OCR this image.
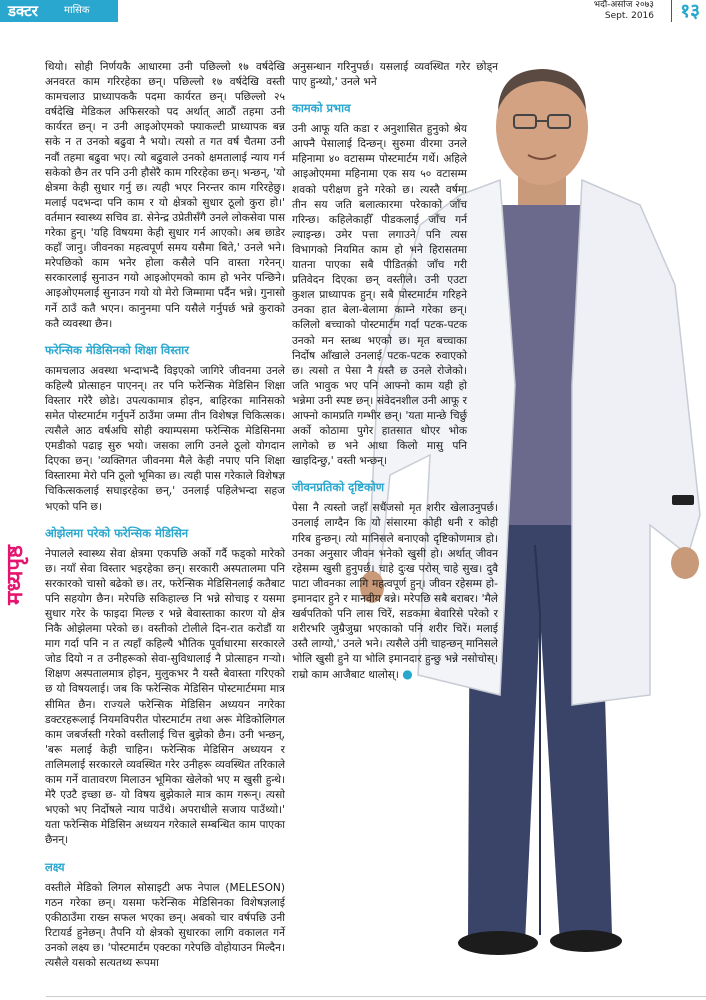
डक्टर	मासिक	भदौ-असोज २०७३
Sept. 2016	१३
मध्यपृष्ठ

थियो। सोही निर्णयकै आधारमा उनी पछिल्लो १७ वर्षदेखि अनवरत काम गरिरहेका छन्। पछिल्लो १७ वर्षदेखि वस्ती कामचलाउ प्राध्यापककै पदमा कार्यरत छन्। पछिल्लो २५ वर्षदेखि मेडिकल अफिसरको पद अर्थात् आठौं तहमा उनी कार्यरत छन्। न उनी आइओएमको फ्याकल्टी प्राध्यापक बन्न सके न त उनको बढुवा नै भयो। त्यसो त गत वर्ष चैतमा उनी नवौं तहमा बढुवा भए। त्यो बढुवाले उनको क्षमतालाई न्याय गर्न सकेको छैन तर पनि उनी हौसेरै काम गरिरहेका छन्। भन्छन्, 'यो क्षेत्रमा केही सुधार गर्नु छ। त्यही भएर निरन्तर काम गरिरहेछु। मलाई पदभन्दा पनि काम र यो क्षेत्रको सुधार ठूलो कुरा हो।' वर्तमान स्वास्थ्य सचिव डा. सेनेन्द्र उप्रेतीसँगै उनले लोकसेवा पास गरेका हुन्। 'यहि विषयमा केही सुधार गर्न आएको। अब छाडेर कहाँ जानु। जीवनका महत्वपूर्ण समय यसैमा बिते,' उनले भने। मरेपछिको काम भनेर होला कसैले पनि वास्ता गरेनन्। सरकारलाई सुनाउन गयो आइओएमको काम हो भनेर पन्छिने। आइओएमलाई सुनाउन गयो यो मेरो जिम्मामा पर्दैन भन्ने। गुनासो गर्ने ठाउँ कतै भएन। कानुनमा पनि यसैले गर्नुपर्छ भन्ने कुराको कतै व्यवस्था छैन।

फरेन्सिक मेडिसिनको शिक्षा विस्तार

कामचलाउ अवस्था भन्दाभन्दै विइएको जागिरे जीवनमा उनले कहिल्यै प्रोत्साहन पाएनन्। तर पनि फरेन्सिक मेडिसिन शिक्षा विस्तार गरेरै छोडे। उपत्यकामात्र होइन, बाहिरका मानिसको समेत पोस्टमार्टम गर्नुपर्ने ठाउँमा जम्मा तीन विशेषज्ञ चिकित्सक। त्यसैले आठ वर्षअघि सोही क्याम्पसमा फरेन्सिक मेडिसिनमा एमडीको पढाइ सुरु भयो। जसका लागि उनले ठूलो योगदान दिएका छन्। 'व्यक्तिगत जीवनमा मैले केही नपाए पनि शिक्षा विस्तारमा मेरो पनि ठूलो भूमिका छ। त्यही पास गरेकाले विशेषज्ञ चिकित्सकलाई सघाइरहेका छन्,' उनलाई पहिलेभन्दा सहज भएको पनि छ।

ओझेलमा परेको फरेन्सिक मेडिसिन

नेपालले स्वास्थ्य सेवा क्षेत्रमा एकपछि अर्को गर्दै फड्को मारेको छ। नयाँ सेवा विस्तार भइरहेका छन्। सरकारी अस्पतालमा पनि सरकारको चासो बढेको छ। तर, फरेन्सिक मेडिसिनलाई कतैबाट पनि सहयोग छैन। मरेपछि सकिहाल्छ नि भन्ने सोचाइ र यसमा सुधार गरेर के फाइदा मिल्छ र भन्ने बेवास्ताका कारण यो क्षेत्र निकै ओझेलमा परेको छ। वस्तीको टोलीले दिन-रात करोडौं या माग गर्दा पनि न त त्यहाँ कहिल्यै भौतिक पूर्वाधारमा सरकारले जोड दियो न त उनीहरूको सेवा-सुविधालाई नै प्रोत्साहन गऱ्यो। शिक्षण अस्पतालमात्र होइन, मुलुकभर नै यस्तै बेवास्ता गरिएको छ यो विषयलाई। जब कि फरेन्सिक मेडिसिन पोस्टमार्टममा मात्र सीमित छैन। राज्यले फरेन्सिक मेडिसिन अध्ययन नगरेका डक्टरहरूलाई नियमविपरीत पोस्टमार्टम तथा अरू मेडिकोलिगल काम जबर्जस्ती गरेको वस्तीलाई चित्त बुझेको छैन। उनी भन्छन्, 'बरू मलाई केही चाहिन। फरेन्सिक मेडिसिन अध्ययन र तालिमलाई सरकारले व्यवस्थित गरेर उनीहरू व्यवस्थित तरिकाले काम गर्ने वातावरण मिलाउन भूमिका खेलेको भए म खुसी हुन्थे। मेरै एउटै इच्छा छ- यो विषय बुझेकाले मात्र काम गरून्। त्यसो भएको भए निर्दोषले न्याय पाउँथे। अपराधीले सजाय पाउँथ्यो।' यता फरेन्सिक मेडिसिन अध्ययन गरेकाले सम्बन्धित काम पाएका छैनन्।

लक्ष्य

वस्तीले मेडिको लिगल सोसाइटी अफ नेपाल (MELESON) गठन गरेका छन्। यसमा फरेन्सिक मेडिसिनका विशेषज्ञलाई एकीठाउँमा राख्न सफल भएका छन्। अबको चार वर्षपछि उनी रिटायर्ड हुनेछन्। तैपनि यो क्षेत्रको सुधारका लागि वकालत गर्ने उनको लक्ष्य छ। 'पोस्टमार्टम एक्टका गरेपछि वोहोयाउन मिल्दैन। त्यसैले यसको सत्यतथ्य रूपमा

अनुसन्धान गरिनुपर्छ। यसलाई व्यवस्थित गरेर छोड्न पाए हुन्थ्यो,' उनले भने

कामको प्रभाव

उनी आफू यति कडा र अनुशासित हुनुको श्रेय आफ्नै पेसालाई दिन्छन्। सुरुमा वीरमा उनले महिनामा ४० वटासम्म पोस्टमार्टम गर्थे। अहिले आइओएममा महिनामा एक सय ५० वटासम्म शवको परीक्षण हुने गरेको छ। त्यस्तै वर्षमा तीन सय जति बलात्कारमा परेकाको जाँच गरिन्छ। कहिलेकाहीँ पीडकलाई जाँच गर्न ल्याइन्छ। उमेर पत्ता लगाउने पनि त्यस विभागको नियमित काम हो भने हिरासतमा यातना पाएका सबै पीडितको जाँच गरी प्रतिवेदन दिएका छन् वस्तीले। उनी एउटा कुशल प्राध्यापक हुन्। सबै पोस्टमार्टम गरिहने उनका हात बेला-बेलामा काम्ने गरेका छन्। कलिलो बच्चाको पोस्टमार्टम गर्दा पटक-पटक उनको मन स्तब्ध भएको छ। मृत बच्चाका निर्दोष आँखाले उनलाई पटक-पटक रुवाएको छ। त्यसो त पेसा नै यस्तै छ उनले रोजेको। जति भावुक भए पनि आफ्नो काम यही हो भन्नेमा उनी स्पष्ट छन्। संवेदनशील उनी आफू र आफ्नो कामप्रति गम्भीर छन्। 'यता मान्छे चिर्छु अर्को कोठामा पुगेर हातसात धोएर भोक लागेको छ भने आधा किलो मासु पनि खाइदिन्छु,' वस्ती भन्छन्।

जीवनप्रतिको दृष्टिकोण

पेसा नै त्यस्तो जहाँ सधैंजसो मृत शरीर खेलाउनुपर्छ। उनलाई लाग्दैन कि यो संसारमा कोही धनी र कोही गरिब हुन्छन्। त्यो मानिसले बनाएको दृष्टिकोणमात्र हो। उनका अनुसार जीवन भनेको खुसी हो। अर्थात् जीवन रहेसम्म खुसी हुनुपर्छ। चाहे दुःख परोस् चाहे सुख। दुवै पाटा जीवनका लागि महत्वपूर्ण हुन्। जीवन रहेसम्म हो- इमानदार हुने र मानवीय बन्ने। मरेपछि सबै बराबर। 'मैले खर्बपतिको पनि लास चिरें, सडकमा बेवारिसे परेको र शरीरभरि जुम्रैजुम्रा भएकाको पनि शरीर चिरें। मलाई उस्तै लाग्यो,' उनले भने। त्यसैले उनी चाहन्छन् मानिसले भोलि खुसी हुने या भोलि इमानदार हुन्छु भन्ने नसोचोस्। राम्रो काम आजैबाट थालोस्। ●
